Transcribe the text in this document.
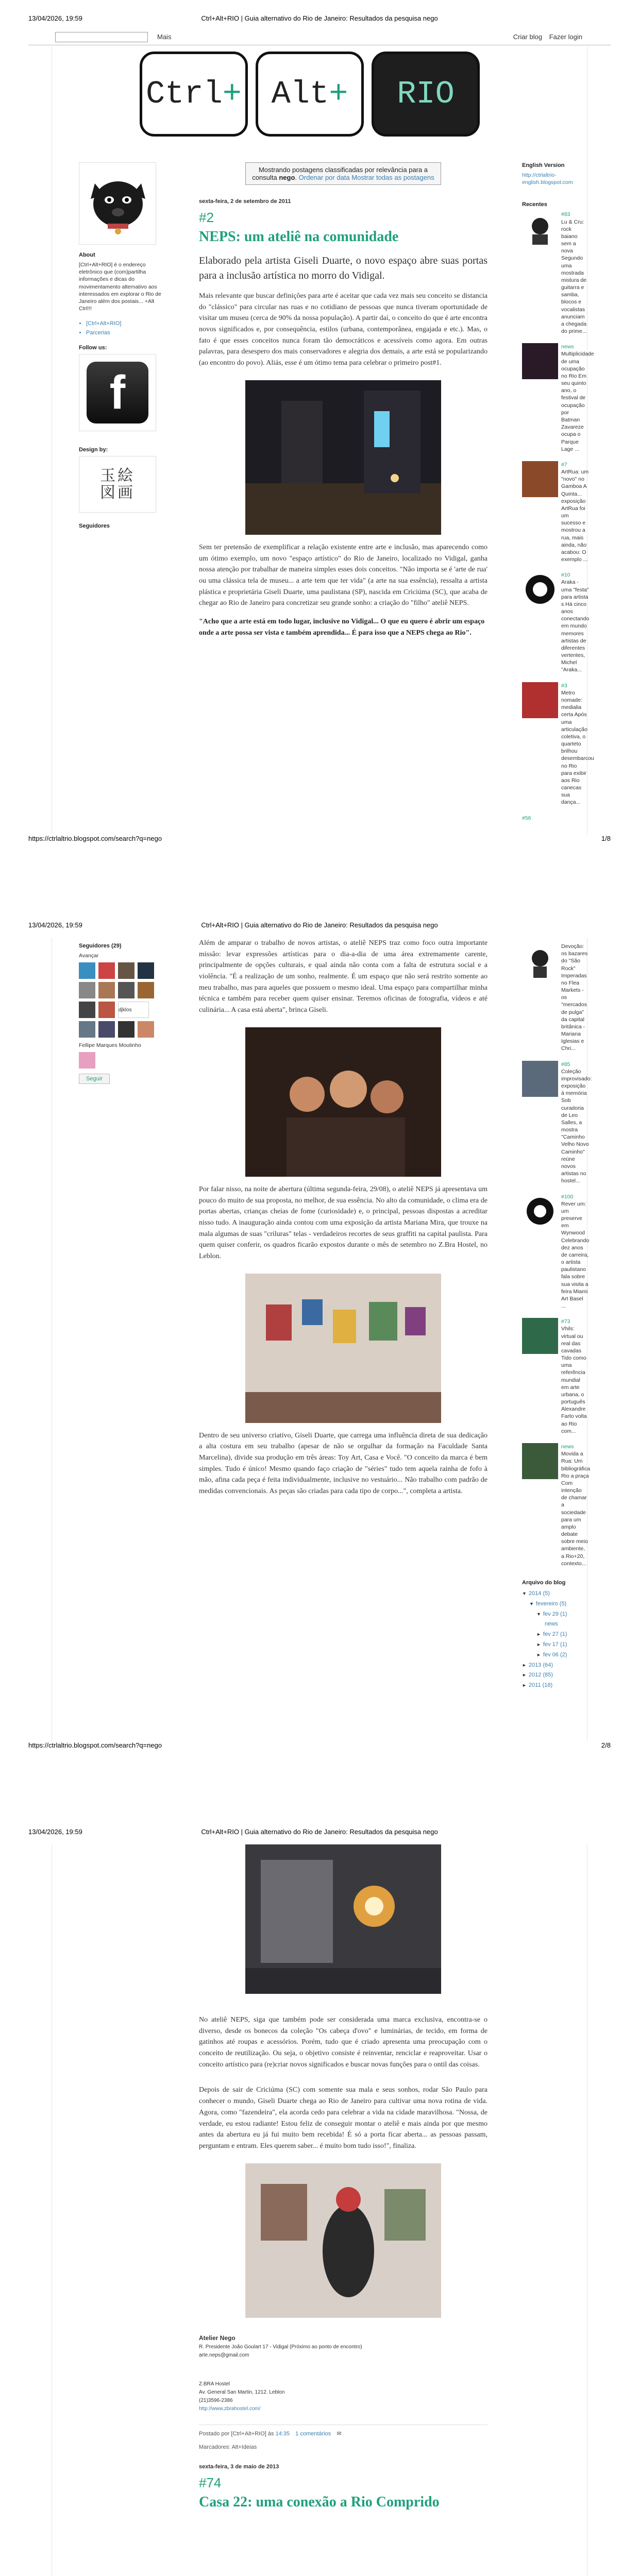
13/04/2026, 19:59	Ctrl+Alt+RIO | Guia alternativo do Rio de Janeiro: Resultados da pesquisa nego
Mais	Criar blog Fazer login
Ctrl + Alt + RIO
About
[Ctrl+Alt+RIO] é o endereço eletrônico que (com)partilha informações e dicas do movimentamento alternativo aos interessados em explorar o Rio de Janeiro além dos postais... +Alt Ctrl!!!
• [Ctrl+Alt+RIO]
• Parcerias
Follow us:
f
Design by:
玉絵
図画
Seguidores
Mostrando postagens classificadas por relevância para a consulta nego. Ordenar por data Mostrar todas as postagens
sexta-feira, 2 de setembro de 2011
#2
NEPS: um ateliê na comunidade
Elaborado pela artista Giseli Duarte, o novo espaço abre suas portas para a inclusão artística no morro do Vidigal.
Mais relevante que buscar definições para arte é aceitar que cada vez mais seu conceito se distancia do "clássico" para circular nas ruas e no cotidiano de pessoas que nunca tiveram oportunidade de visitar um museu (cerca de 90% da nossa população). A partir daí, o conceito do que é arte encontra novos significados e, por consequência, estilos (urbana, contemporânea, engajada e etc.). Mas, o fato é que esses conceitos nunca foram tão democráticos e acessíveis como agora. Em outras palavras, para desespero dos mais conservadores e alegria dos demais, a arte está se popularizando (ao encontro do povo). Aliás, esse é um ótimo tema para celebrar o primeiro post#1.
Sem ter pretensão de exemplificar a relação existente entre arte e inclusão, mas aparecendo como um ótimo exemplo, um novo "espaço artístico" do Rio de Janeiro, localizado no Vidigal, ganha nossa atenção por trabalhar de maneira simples esses dois conceitos. "Não importa se é 'arte de rua' ou uma clássica tela de museu... a arte tem que ter vida" (a arte na sua essência), ressalta a artista plástica e proprietária Giseli Duarte, uma paulistana (SP), nascida em Criciúma (SC), que acaba de chegar ao Rio de Janeiro para concretizar seu grande sonho: a criação do "filho" ateliê NEPS.
"Acho que a arte está em todo lugar, inclusive no Vidigal... O que eu quero é abrir um espaço onde a arte possa ser vista e também aprendida... É para isso que a NEPS chega ao Rio".
English Version
http://ctrlaltrio-english.blogspot.com
Recentes
#83
Lu & Cru: rock baiano sem a nova Segundo uma mostrada mistura de guitarra e samba, blocos e vocalistas anunciam a chegada do prime...
news
Multiplicidade de uma ocupação no Rio Em seu quinto ano, o festival de ocupação por Batman Zavareze ocupa o Parque Lage ...
#7
ArtRua: um "novo" no Gamboa A Quinta... exposição ArtRua foi um sucesso e mostrou a rua, mais ainda, não acabou: O exemplo ...
#10
Araka - uma "festa" para artista s Há cinco anos conectando em mundo memores artistas de diferentes vertentes, Michel "Araka...
#3
Metro nomade: medialia certa Após uma articulação coletiva, o quarteto brilhou desembarcou no Rio para exibir aos Rio canecas sua dança...
#56
https://ctrlaltrio.blogspot.com/search?q=nego	1/8
13/04/2026, 19:59	Ctrl+Alt+RIO | Guia alternativo do Rio de Janeiro: Resultados da pesquisa nego
Seguidores (29)
Avançar
djklos
Fellipe Marques Moutinho
Seguir
Além de amparar o trabalho de novos artistas, o ateliê NEPS traz como foco outra importante missão: levar expressões artísticas para o dia-a-dia de uma área extremamente carente, principalmente de opções culturais, e qual ainda não conta com a falta de estrutura social e a violência. "É a realização de um sonho, realmente. É um espaço que não será restrito somente ao meu trabalho, mas para aqueles que possuem o mesmo ideal. Uma espaço para compartilhar minha técnica e também para receber quem quiser ensinar. Teremos oficinas de fotografia, vídeos e até culinária... A casa está aberta", brinca Giseli.
Por falar nisso, na noite de abertura (última segunda-feira, 29/08), o ateliê NEPS já apresentava um pouco do muito de sua proposta, no melhor, de sua essência. No alto da comunidade, o clima era de portas abertas, crianças cheias de fome (curiosidade) e, o principal, pessoas dispostas a acreditar nisso tudo. A inauguração ainda contou com uma exposição da artista Mariana Mira, que trouxe na mala algumas de suas "criluras" telas - verdadeiros recortes de seus graffiti na capital paulista. Para quem quiser conferir, os quadros ficarão expostos durante o mês de setembro no Z.Bra Hostel, no Leblon.
Dentro de seu universo criativo, Giseli Duarte, que carrega uma influência direta de sua dedicação a alta costura em seu trabalho (apesar de não se orgulhar da formação na Faculdade Santa Marcelina), divide sua produção em três áreas: Toy Art, Casa e Você. "O conceito da marca é bem simples. Tudo é único! Mesmo quando faço criação de "séries" tudo tem aquela rainha de fofo à mão, afina cada peça é feita individualmente, inclusive no vestuário... Não trabalho com padrão de medidas convencionais. As peças são criadas para cada tipo de corpo...", completa a artista.
Devoção: os bazares do "São Rock" Imperadas no Flea Markets - os "mercados de pulga" da capital britânica - Mariana Iglesias e Chri...
#85
Coleção improvisado: exposição à memória Sob curadoria de Leo Salles, a mostra "Caminho Velho Novo Caminho" reúne novos artistas no hostel...
#100
Rever um: um preserve em Wynwood Celebrando dez anos de carreira, o artista paulistano fala sobre sua visita a feira Miami Art Basel ...
#73
Vhils: virtual ou real das cavadas Tido como uma referência mundial em arte urbana, o português Alexandre Farto volta ao Rio com...
news
Movida a Rua: Um bibliográfica Rio a praça Com intenção de chamar a sociedade para um amplo debate sobre meio ambiente, a Rio+20, contexto...
Arquivo do blog
▼ 2014 (5)
▼ fevereiro (5)
▼ fev 29 (1)
news
► fev 27 (1)
► fev 17 (1)
► fev 06 (2)
► 2013 (64)
► 2012 (85)
► 2011 (18)
https://ctrlaltrio.blogspot.com/search?q=nego	2/8
13/04/2026, 19:59	Ctrl+Alt+RIO | Guia alternativo do Rio de Janeiro: Resultados da pesquisa nego
No ateliê NEPS, siga que também pode ser considerada uma marca exclusiva, encontra-se o diverso, desde os bonecos da coleção "Os cabeça d'ovo" e luminárias, de tecido, em forma de gatinhos até roupas e acessórios. Porém, tudo que é criado apresenta uma preocupação com o conceito de reutilização. Ou seja, o objetivo consiste é reinventar, renciclar e reaproveitar. Usar o conceito artístico para (re)criar novos significados e buscar novas funções para o ontil das coisas.
Depois de sair de Criciúma (SC) com somente sua mala e seus sonhos, rodar São Paulo para conhecer o mundo, Giseli Duarte chega ao Rio de Janeiro para cultivar uma nova rotina de vida. Agora, como "fazendeira", ela acorda cedo para celebrar a vida na cidade maravilhosa. "Nossa, de verdade, eu estou radiante! Estou feliz de conseguir montar o ateliê e mais ainda por que mesmo antes da abertura eu já fui muito bem recebida! É só a porta ficar aberta... as pessoas passam, perguntam e entram. Eles querem saber... é muito bom tudo isso!", finaliza.
Atelier Nego
R. Presidente João Goulart 17 - Vidigal (Próximo ao ponto de encontro)
arte.neps@gmail.com
Z.BRA Hostel
Av. General San Martin, 1212. Leblon
(21)3596-2386
http://www.zbrahostel.com/
Postado por [Ctrl+Alt+RIO] às 14:35 1 comentários ✉
Marcadores: Alt+Ideias
sexta-feira, 3 de maio de 2013
#74
Casa 22: uma conexão a Rio Comprido
